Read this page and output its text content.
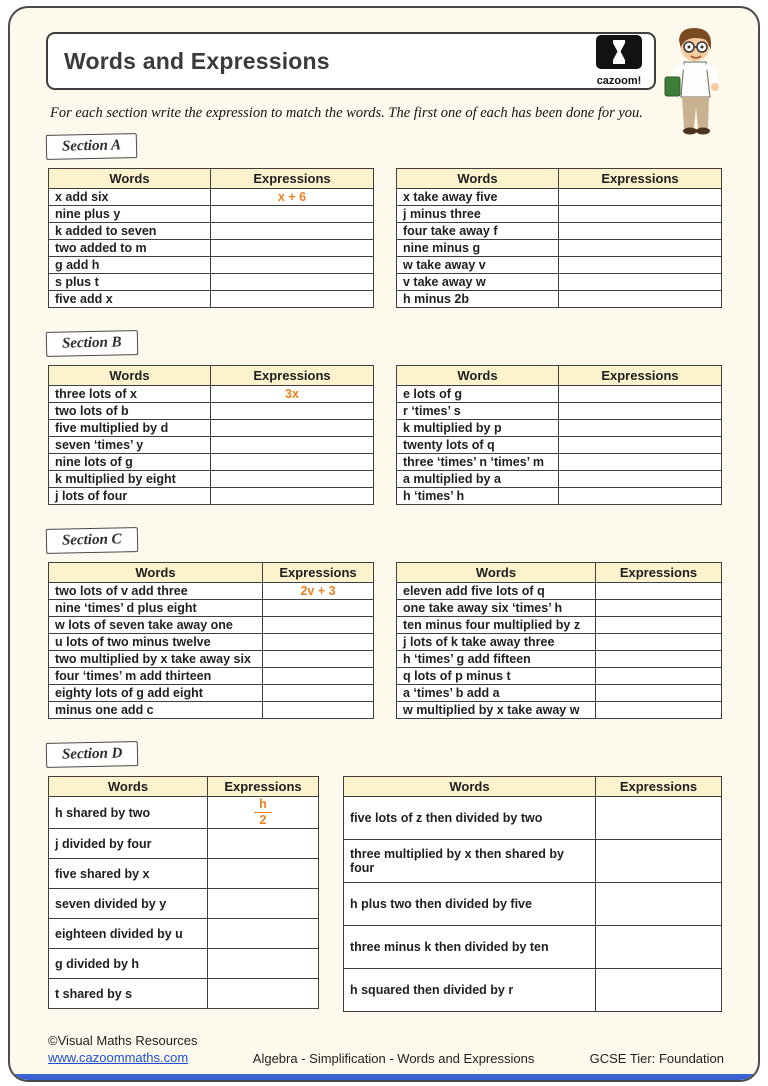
Words and Expressions
cazoom!

For each section write the expression to match the words. The first one of each has been done for you.

Section A
Words	Expressions
x add six	x + 6
nine plus y	
k added to seven	
two added to m	
g add h	
s plus t	
five add x	
Words	Expressions
x take away five	
j minus three	
four take away f	
nine minus g	
w take away v	
v take away w	
h minus 2b	
Section B
Words	Expressions
three lots of x	3x
two lots of b	
five multiplied by d	
seven ‘times’ y	
nine lots of g	
k multiplied by eight	
j lots of four	
Words	Expressions
e lots of g	
r ‘times’ s	
k multiplied by p	
twenty lots of q	
three ‘times’ n ‘times’ m	
a multiplied by a	
h ‘times’ h	
Section C
Words	Expressions
two lots of v add three	2v + 3
nine ‘times’ d plus eight	
w lots of seven take away one	
u lots of two minus twelve	
two multiplied by x take away six	
four ‘times’ m add thirteen	
eighty lots of g add eight	
minus one add c	
Words	Expressions
eleven add five lots of q	
one take away six ‘times’ h	
ten minus four multiplied by z	
j lots of k take away three	
h ‘times’ g add fifteen	
q lots of p minus t	
a ‘times’ b add a	
w multiplied by x take away w	
Section D
Words	Expressions
h shared by two	$\frac{h}{2}$

j divided by four	
five shared by x	
seven divided by y	
eighteen divided by u	
g divided by h	
t shared by s	
Words	Expressions
five lots of z then divided by two	
three multiplied by x then shared by four	
h plus two then divided by five	
three minus k then divided by ten	
h squared then divided by r	
©Visual Maths Resources
www.cazoommaths.com	Algebra - Simplification - Words and Expressions	GCSE Tier: Foundation
